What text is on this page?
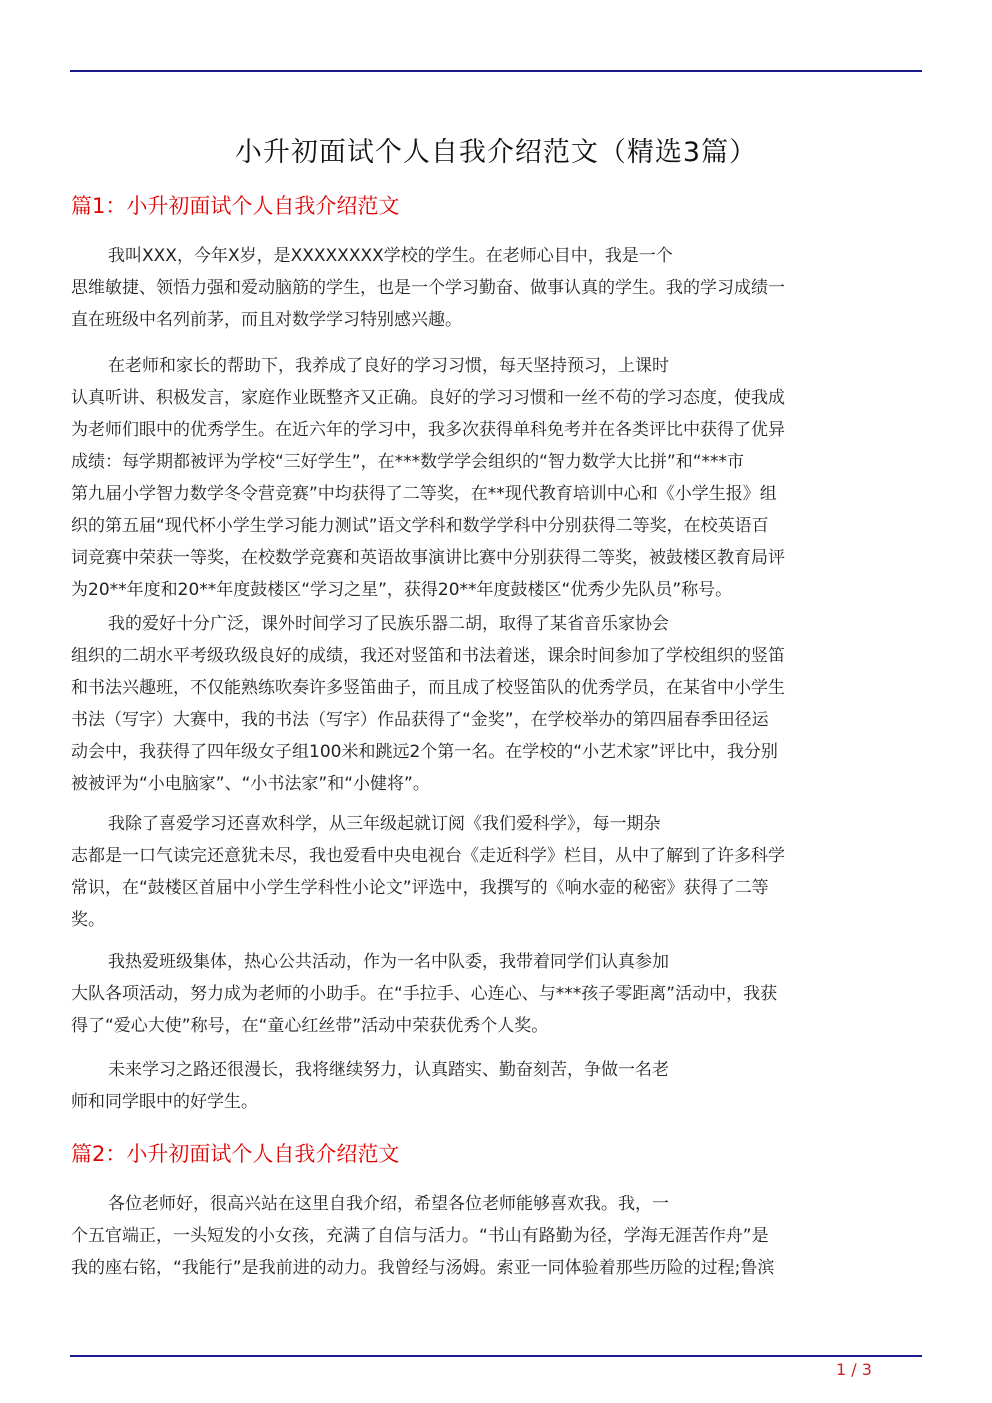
小升初面试个人自我介绍范文（精选3篇）
篇1：小升初面试个人自我介绍范文
我叫XXX，今年X岁，是XXXXXXXX学校的学生。在老师心目中，我是一个
思维敏捷、领悟力强和爱动脑筋的学生，也是一个学习勤奋、做事认真的学生。我的学习成绩一
直在班级中名列前茅，而且对数学学习特别感兴趣。
在老师和家长的帮助下，我养成了良好的学习习惯，每天坚持预习，上课时
认真听讲、积极发言，家庭作业既整齐又正确。良好的学习习惯和一丝不苟的学习态度，使我成
为老师们眼中的优秀学生。在近六年的学习中，我多次获得单科免考并在各类评比中获得了优异
成绩：每学期都被评为学校“三好学生”，在***数学学会组织的“智力数学大比拼”和“***市
第九届小学智力数学冬令营竞赛”中均获得了二等奖，在**现代教育培训中心和《小学生报》组
织的第五届“现代杯小学生学习能力测试”语文学科和数学学科中分别获得二等奖，在校英语百
词竞赛中荣获一等奖，在校数学竞赛和英语故事演讲比赛中分别获得二等奖，被鼓楼区教育局评
为20**年度和20**年度鼓楼区“学习之星”，获得20**年度鼓楼区“优秀少先队员”称号。
我的爱好十分广泛，课外时间学习了民族乐器二胡，取得了某省音乐家协会
组织的二胡水平考级玖级良好的成绩，我还对竖笛和书法着迷，课余时间参加了学校组织的竖笛
和书法兴趣班，不仅能熟练吹奏许多竖笛曲子，而且成了校竖笛队的优秀学员，在某省中小学生
书法（写字）大赛中，我的书法（写字）作品获得了“金奖”，在学校举办的第四届春季田径运
动会中，我获得了四年级女子组100米和跳远2个第一名。在学校的“小艺术家”评比中，我分别
被被评为“小电脑家”、“小书法家”和“小健将”。
我除了喜爱学习还喜欢科学，从三年级起就订阅《我们爱科学》，每一期杂
志都是一口气读完还意犹未尽，我也爱看中央电视台《走近科学》栏目，从中了解到了许多科学
常识，在“鼓楼区首届中小学生学科性小论文”评选中，我撰写的《响水壶的秘密》获得了二等
奖。
我热爱班级集体，热心公共活动，作为一名中队委，我带着同学们认真参加
大队各项活动，努力成为老师的小助手。在“手拉手、心连心、与***孩子零距离”活动中，我获
得了“爱心大使”称号，在“童心红丝带”活动中荣获优秀个人奖。
未来学习之路还很漫长，我将继续努力，认真踏实、勤奋刻苦，争做一名老
师和同学眼中的好学生。
篇2：小升初面试个人自我介绍范文
各位老师好，很高兴站在这里自我介绍，希望各位老师能够喜欢我。我，一
个五官端正，一头短发的小女孩，充满了自信与活力。“书山有路勤为径，学海无涯苦作舟”是
我的座右铭，“我能行”是我前进的动力。我曾经与汤姆。索亚一同体验着那些历险的过程;鲁滨
1 / 3
